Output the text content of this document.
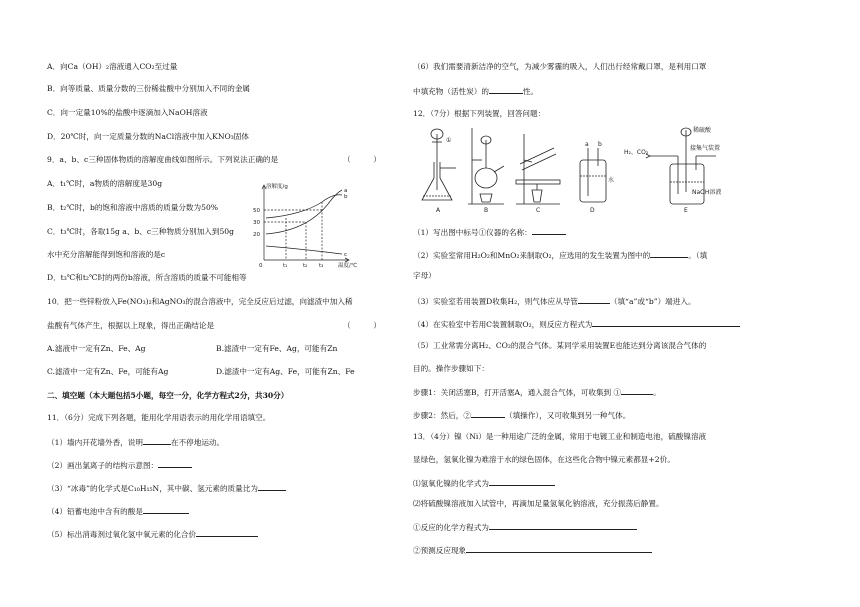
A．向Ca（OH）₂溶液通入CO₂至过量
B．向等质量、质量分数的三份稀盐酸中分别加入不同的金属
C．向一定量10%的盐酸中逐滴加入NaOH溶液
D．20℃时，向一定质量分数的NaCl溶液中加入KNO₃固体
9．a、b、c三种固体物质的溶解度曲线如图所示。下列说法正确的是	（　　　）
A．t₁℃时，a物质的溶解度是30g
B．t₂℃时，b的饱和溶液中溶质的质量分数为50%
C．t₃℃时，各取15g a、b、c三种物质分别加入到50g
水中充分溶解能得到饱和溶液的是c
D．t₃℃和t₂℃时的两份b溶液，所含溶质的质量不可能相等
溶解度/g
50
30
20
0	t₁	t₂ t₃	温度/℃
a
b
c
10．把一些锌粉放入Fe(NO₃)₂和AgNO₃的混合溶液中，完全反应后过滤，向滤渣中加入稀
盐酸有气体产生，根据以上现象，得出正确结论是	（　　　）
A.滤液中一定有Zn、Fe、Ag	B.滤渣中一定有Fe、Ag，可能有Zn
C.滤渣中一定有Zn、Fe，可能有Ag	D.滤渣中一定有Ag、Fe，可能有Zn、Fe
二、填空题（本大题包括5小题，每空一分，化学方程式2分，共30分）
11．（6分）完成下列各题，能用化学用语表示的用化学用语填空。
（1）墙内开花墙外香，说明	在不停地运动。
（2）画出氯离子的结构示意图：
（3）“冰毒”的化学式是C₁₀H₁₅N，其中碳、氢元素的质量比为
（4）铅蓄电池中含有的酸是
（5）标出消毒剂过氧化氢中氧元素的化合价
（6）我们需要清新洁净的空气，为减少雾霾的吸入，人们出行经常戴口罩，是利用口罩
中填充物（活性炭）的	性。
12．（7分）根据下列装置，回答问题：
A	B	C	D	E
①
a b
水
H₂、CO₂
稀硫酸
接集气装置
NaOH溶液
（1）写出图中标号①仪器的名称：
（2）实验室常用H₂O₂和MnO₂来制取O₂，应选用的发生装置为图中的	。（填
字母）
（3）实验室若用装置D收集H₂，则气体应从导管	（填“a”或“b”）端进入。
（4）在实验室中若用C装置制取O₂，则反应方程式为
（5）工业常需分离H₂、CO₂的混合气体。某同学采用装置E也能达到分离该混合气体的
目的。操作步骤如下：
步骤1：关闭活塞B，打开活塞A，通入混合气体，可收集到 ①	。
步骤2：然后，②	（填操作），又可收集到另一种气体。
13．（4分）镍（Ni）是一种用途广泛的金属，常用于电镀工业和制造电池，硫酸镍溶液
显绿色，氢氧化镍为难溶于水的绿色固体，在这些化合物中镍元素都显+2价。
⑴氢氧化镍的化学式为
⑵将硫酸镍溶液加入试管中，再滴加足量氢氧化钠溶液，充分振荡后静置。
①反应的化学方程式为
②预测反应现象
